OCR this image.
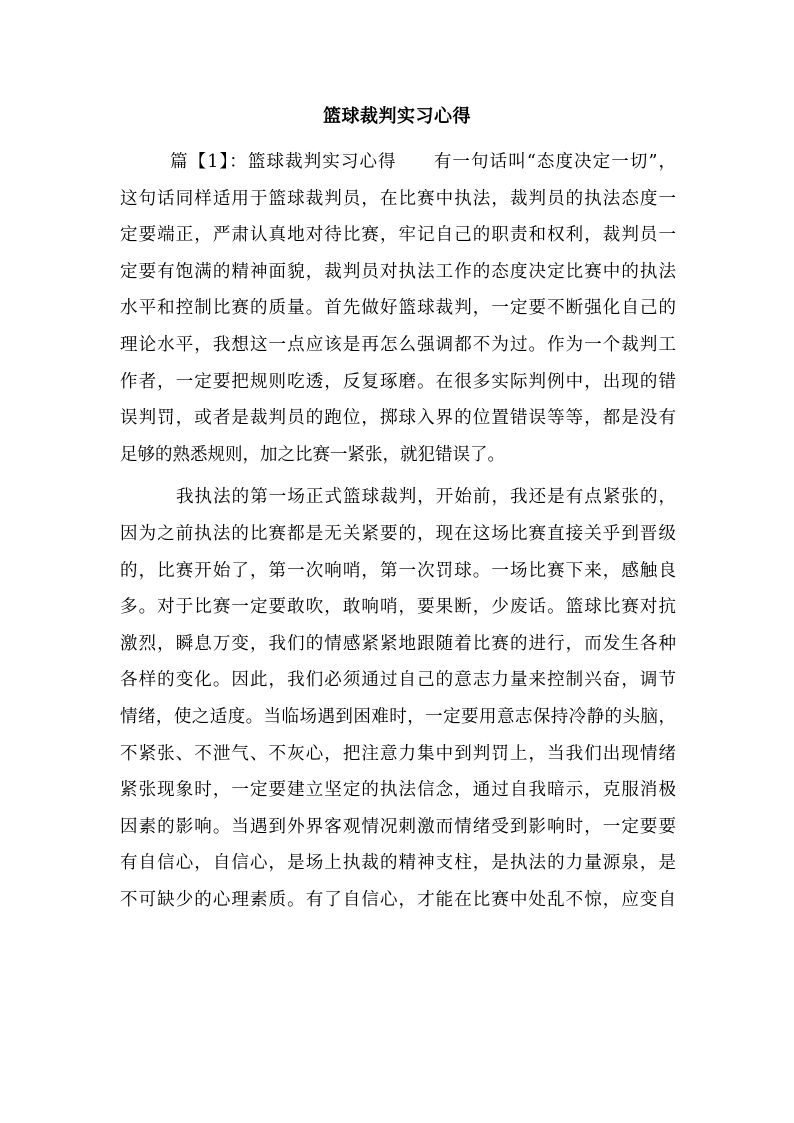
篮球裁判实习心得
篇【1】：篮球裁判实习心得　　有一句话叫“态度决定一切”，
这句话同样适用于篮球裁判员，在比赛中执法，裁判员的执法态度一
定要端正，严肃认真地对待比赛，牢记自己的职责和权利，裁判员一
定要有饱满的精神面貌，裁判员对执法工作的态度决定比赛中的执法
水平和控制比赛的质量。首先做好篮球裁判，一定要不断强化自己的
理论水平，我想这一点应该是再怎么强调都不为过。作为一个裁判工
作者，一定要把规则吃透，反复琢磨。在很多实际判例中，出现的错
误判罚，或者是裁判员的跑位，掷球入界的位置错误等等，都是没有
足够的熟悉规则，加之比赛一紧张，就犯错误了。
我执法的第一场正式篮球裁判，开始前，我还是有点紧张的，
因为之前执法的比赛都是无关紧要的，现在这场比赛直接关乎到晋级
的，比赛开始了，第一次响哨，第一次罚球。一场比赛下来，感触良
多。对于比赛一定要敢吹，敢响哨，要果断，少废话。篮球比赛对抗
激烈，瞬息万变，我们的情感紧紧地跟随着比赛的进行，而发生各种
各样的变化。因此，我们必须通过自己的意志力量来控制兴奋，调节
情绪，使之适度。当临场遇到困难时，一定要用意志保持冷静的头脑，
不紧张、不泄气、不灰心，把注意力集中到判罚上，当我们出现情绪
紧张现象时，一定要建立坚定的执法信念，通过自我暗示，克服消极
因素的影响。当遇到外界客观情况刺激而情绪受到影响时，一定要要
有自信心，自信心，是场上执裁的精神支柱，是执法的力量源泉，是
不可缺少的心理素质。有了自信心，才能在比赛中处乱不惊，应变自
